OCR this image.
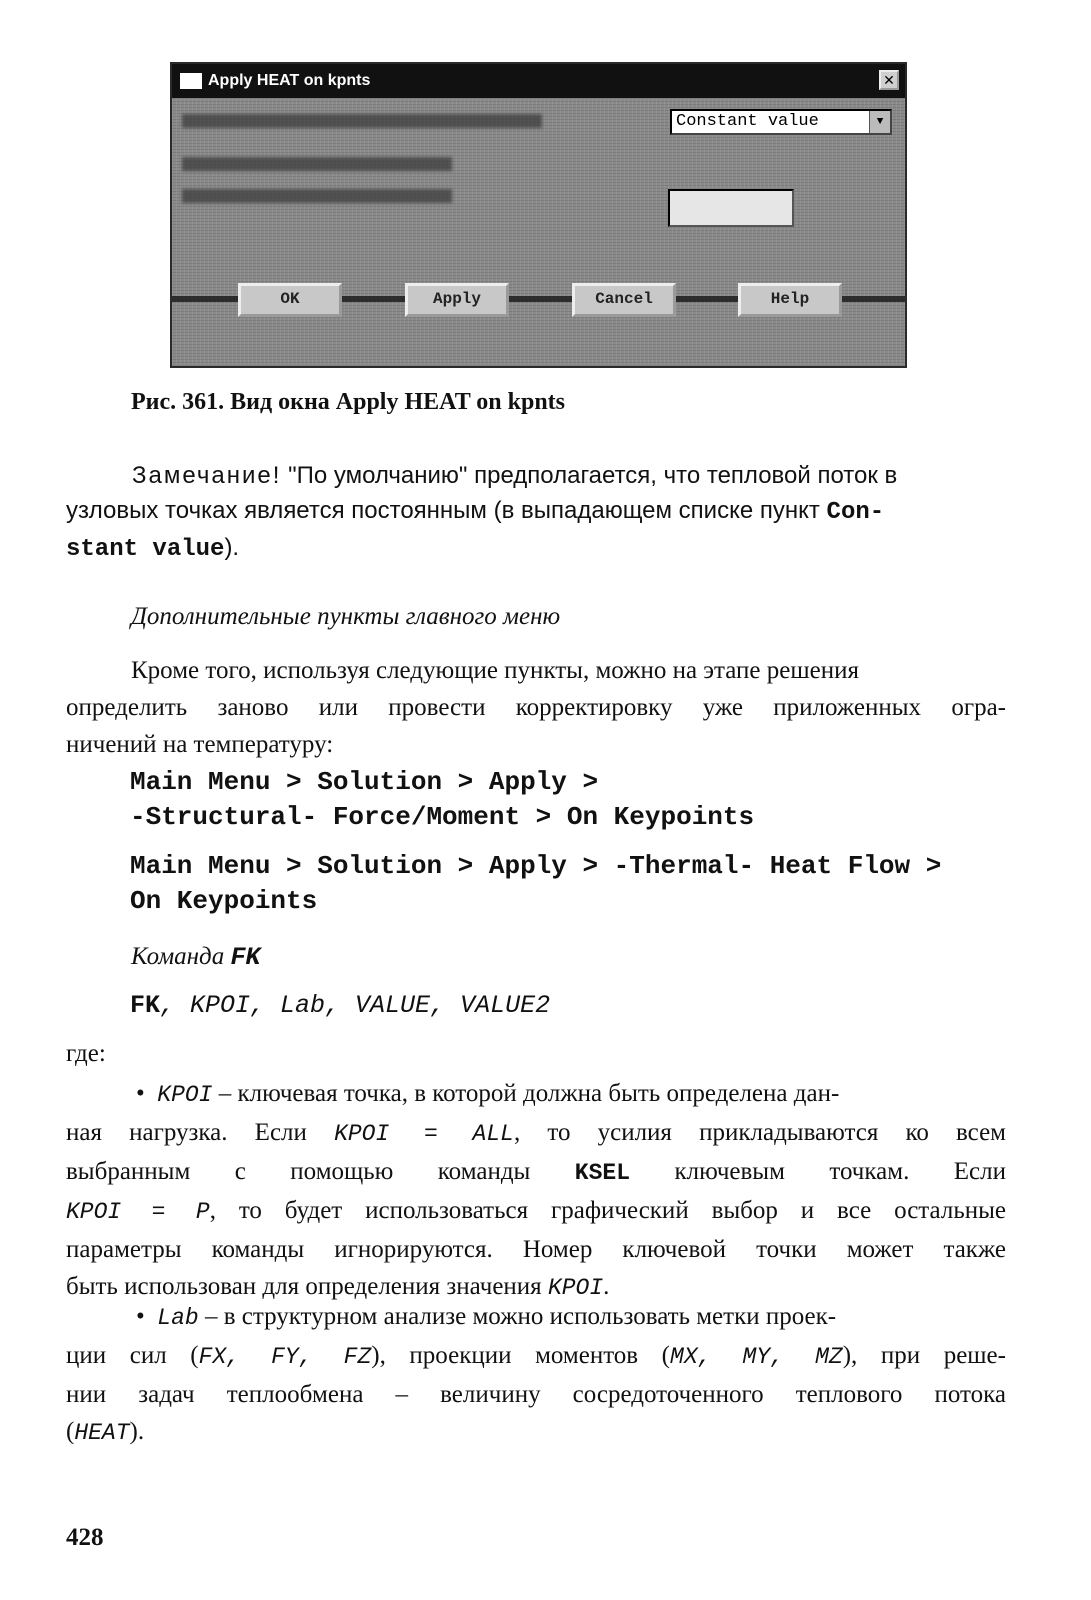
Apply HEAT on kpnts	✕
Constant value	▼
OK	Apply	Cancel	Help
Рис. 361. Вид окна Apply HEAT on kpnts
Замечание! "По умолчанию" предполагается, что тепловой поток в
узловых точках является постоянным (в выпадающем списке пункт Con-
stant value).
Дополнительные пункты главного меню
Кроме того, используя следующие пункты, можно на этапе решения
определить заново или провести корректировку уже приложенных огра-
ничений на температуру:
Main Menu > Solution > Apply >
-Structural- Force/Moment > On Keypoints
Main Menu > Solution > Apply > -Thermal- Heat Flow >
On Keypoints
Команда FK
FK, KPOI, Lab, VALUE, VALUE2
где:
• KPOI – ключевая точка, в которой должна быть определена дан-
ная нагрузка. Если KPOI = ALL, то усилия прикладываются ко всем
выбранным с помощью команды KSEL ключевым точкам. Если
KPOI = P, то будет использоваться графический выбор и все остальные
параметры команды игнорируются. Номер ключевой точки может также
быть использован для определения значения KPOI.
• Lab – в структурном анализе можно использовать метки проек-
ции сил (FX, FY, FZ), проекции моментов (MX, MY, MZ), при реше-
нии задач теплообмена – величину сосредоточенного теплового потока
(HEAT).
428
